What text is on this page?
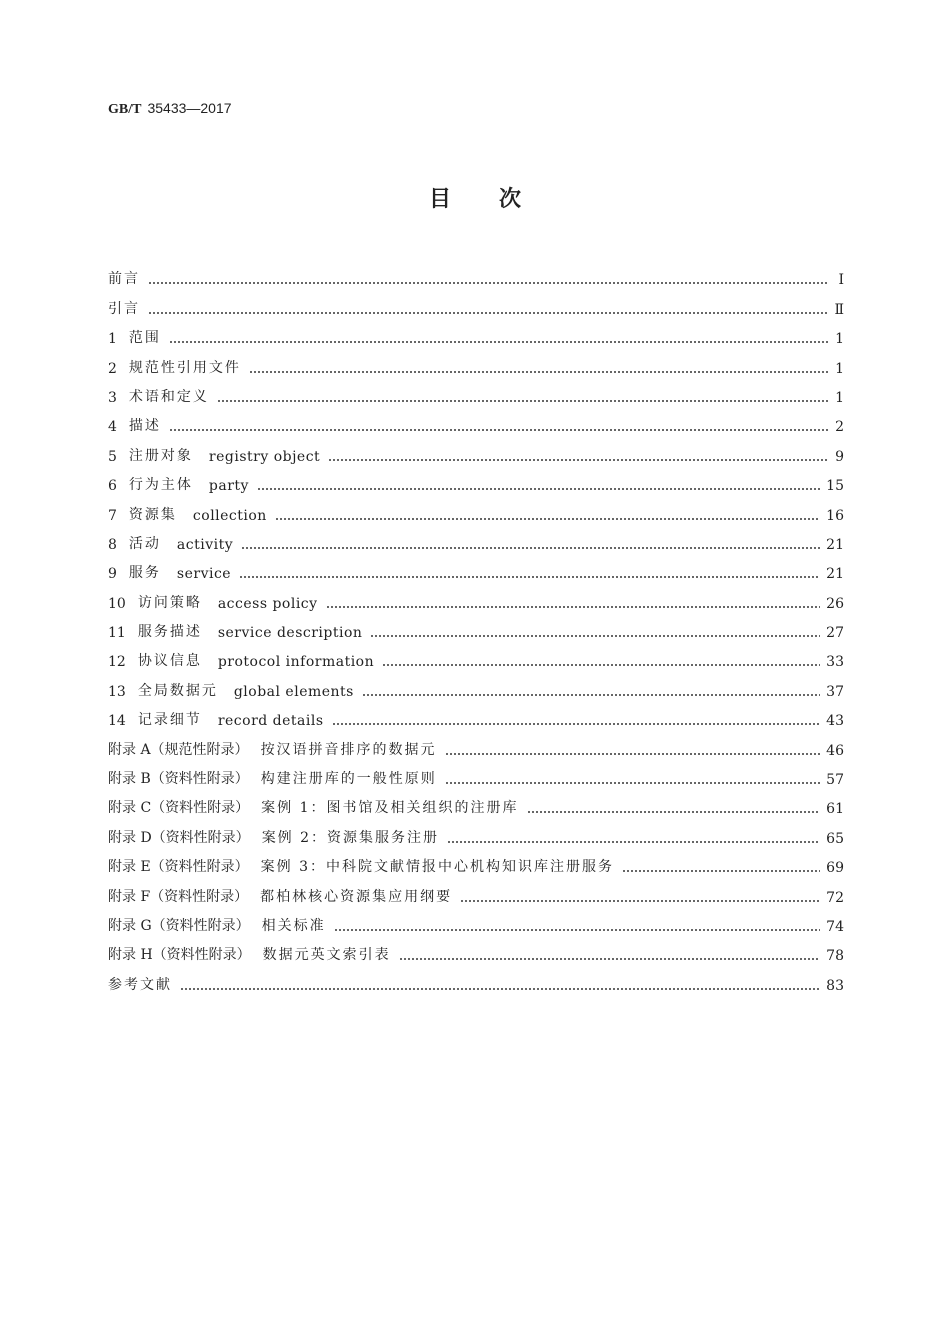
GB/T 35433—2017
目次
前言	Ⅰ
引言	Ⅱ
1 范围	1
2 规范性引用文件	1
3 术语和定义	1
4 描述	2
5 注册对象 registry object	9
6 行为主体 party	15
7 资源集 collection	16
8 活动 activity	21
9 服务 service	21
10 访问策略 access policy	26
11 服务描述 service description	27
12 协议信息 protocol information	33
13 全局数据元 global elements	37
14 记录细节 record details	43
附录 A（规范性附录） 按汉语拼音排序的数据元	46
附录 B（资料性附录） 构建注册库的一般性原则	57
附录 C（资料性附录） 案例 1：图书馆及相关组织的注册库	61
附录 D（资料性附录） 案例 2：资源集服务注册	65
附录 E（资料性附录） 案例 3：中科院文献情报中心机构知识库注册服务	69
附录 F（资料性附录） 都柏林核心资源集应用纲要	72
附录 G（资料性附录） 相关标准	74
附录 H（资料性附录） 数据元英文索引表	78
参考文献	83
